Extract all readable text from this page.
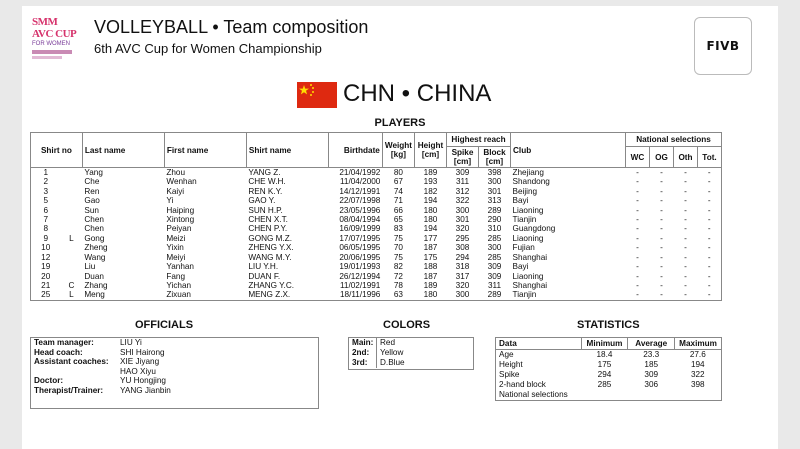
SMM AVC CUP
FOR WOMEN
VOLLEYBALL • Team composition
6th AVC Cup for Women Championship	FIVB
CHN • CHINA
PLAYERS
Shirt no		Last name	First name	Shirt name	Birthdate	Weight [kg]	Height [cm]	Highest reach		Club	National selections			
								Spike [cm]	Block [cm]		WC	OG	Oth	Tot.
1		Yang	Zhou	YANG Z.	21/04/1992	80	189	309	398	Zhejiang	-	-	-	-
2		Che	Wenhan	CHE W.H.	11/04/2000	67	193	311	300	Shandong	-	-	-	-
3		Ren	Kaiyi	REN K.Y.	14/12/1991	74	182	312	301	Beijing	-	-	-	-
5		Gao	Yi	GAO Y.	22/07/1998	71	194	322	313	Bayi	-	-	-	-
6		Sun	Haiping	SUN H.P.	23/05/1996	66	180	300	289	Liaoning	-	-	-	-
7		Chen	Xintong	CHEN X.T.	08/04/1994	65	180	301	290	Tianjin	-	-	-	-
8		Chen	Peiyan	CHEN P.Y.	16/09/1999	83	194	320	310	Guangdong	-	-	-	-
9	L	Gong	Meizi	GONG M.Z.	17/07/1995	75	177	295	285	Liaoning	-	-	-	-
10		Zheng	Yixin	ZHENG Y.X.	06/05/1995	70	187	308	300	Fujian	-	-	-	-
12		Wang	Meiyi	WANG M.Y.	20/06/1995	75	175	294	285	Shanghai	-	-	-	-
19		Liu	Yanhan	LIU Y.H.	19/01/1993	82	188	318	309	Bayi	-	-	-	-
20		Duan	Fang	DUAN F.	26/12/1994	72	187	317	309	Liaoning	-	-	-	-
21	C	Zhang	Yichan	ZHANG Y.C.	11/02/1991	78	189	320	311	Shanghai	-	-	-	-
25	L	Meng	Zixuan	MENG Z.X.	18/11/1996	63	180	300	289	Tianjin	-	-	-	-
OFFICIALS	COLORS	STATISTICS
Team manager:	LIU Yi
Head coach:	SHI Hairong
Assistant coaches:	XIE Jiyang
HAO Xiyu
Doctor:	YU Hongjing
Therapist/Trainer:	YANG Jianbin
Main: Red
2nd:	Yellow
3rd:	D.Blue
Data	Minimum	Average	Maximum
Age	18.4	23.3	27.6
Height	175	185	194
Spike	294	309	322
2-hand block	285	306	398
National selections			
